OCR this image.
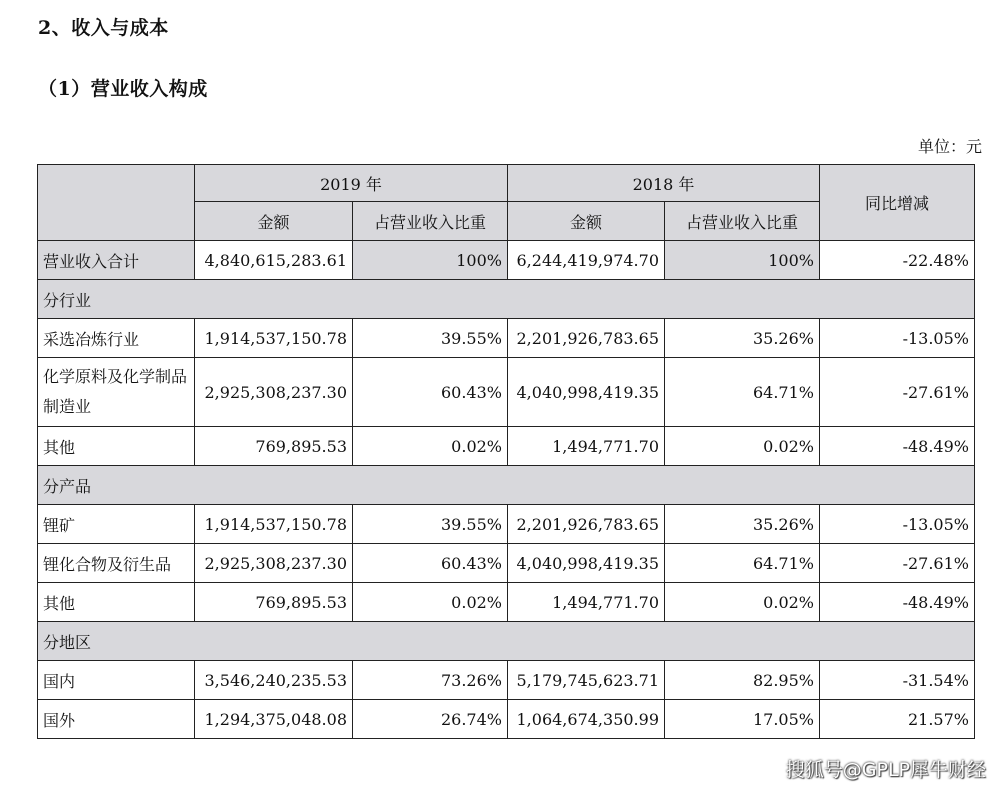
2、收入与成本
（1）营业收入构成
单位：元
	2019 年		2018 年		同比增减
	金额	占营业收入比重	金额	占营业收入比重	
营业收入合计	4,840,615,283.61	100%	6,244,419,974.70	100%	-22.48%
分行业					
采选冶炼行业	1,914,537,150.78	39.55%	2,201,926,783.65	35.26%	-13.05%
化学原料及化学制品制造业	2,925,308,237.30	60.43%	4,040,998,419.35	64.71%	-27.61%
其他	769,895.53	0.02%	1,494,771.70	0.02%	-48.49%
分产品					
锂矿	1,914,537,150.78	39.55%	2,201,926,783.65	35.26%	-13.05%
锂化合物及衍生品	2,925,308,237.30	60.43%	4,040,998,419.35	64.71%	-27.61%
其他	769,895.53	0.02%	1,494,771.70	0.02%	-48.49%
分地区					
国内	3,546,240,235.53	73.26%	5,179,745,623.71	82.95%	-31.54%
国外	1,294,375,048.08	26.74%	1,064,674,350.99	17.05%	21.57%
搜狐号@GPLP犀牛财经
